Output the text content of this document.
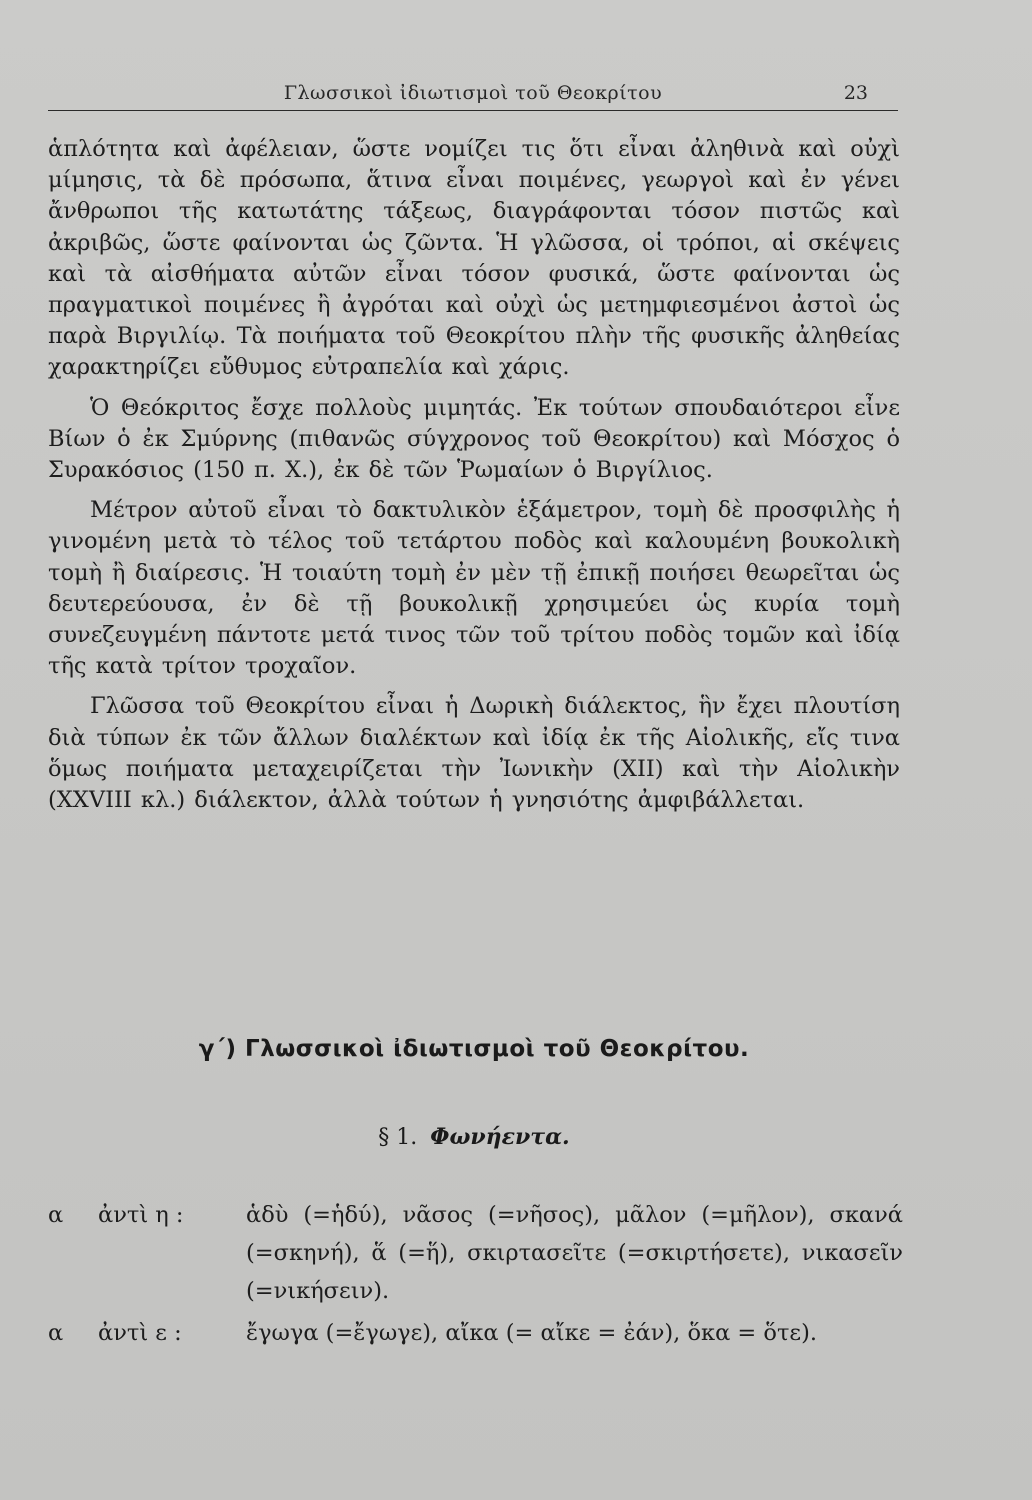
Γλωσσικοὶ ἰδιωτισμοὶ τοῦ Θεοκρίτου	23

ἁπλότητα καὶ ἀφέλειαν, ὥστε νομίζει τις ὅτι εἶναι ἀληθινὰ καὶ οὐχὶ μίμησις, τὰ δὲ πρόσωπα, ἅτινα εἶναι ποιμένες, γεωργοὶ καὶ ἐν γένει ἄνθρωποι τῆς κατωτάτης τάξεως, διαγράφονται τόσον πιστῶς καὶ ἀκριβῶς, ὥστε φαίνονται ὡς ζῶντα. Ἡ γλῶσσα, οἱ τρόποι, αἱ σκέψεις καὶ τὰ αἰσθήματα αὐτῶν εἶναι τόσον φυσικά, ὥστε φαίνονται ὡς πραγματικοὶ ποιμένες ἢ ἀγρόται καὶ οὐχὶ ὡς μετημφιεσμένοι ἀστοὶ ὡς παρὰ Βιργιλίῳ. Τὰ ποιήματα τοῦ Θεοκρίτου πλὴν τῆς φυσικῆς ἀληθείας χαρακτηρίζει εὔθυμος εὐτραπελία καὶ χάρις.

Ὁ Θεόκριτος ἔσχε πολλοὺς μιμητάς. Ἐκ τούτων σπουδαιότεροι εἶνε Βίων ὁ ἐκ Σμύρνης (πιθανῶς σύγχρονος τοῦ Θεοκρίτου) καὶ Μόσχος ὁ Συρακόσιος (150 π. Χ.), ἐκ δὲ τῶν Ῥωμαίων ὁ Βιργίλιος.

Μέτρον αὐτοῦ εἶναι τὸ δακτυλικὸν ἑξάμετρον, τομὴ δὲ προσφιλὴς ἡ γινομένη μετὰ τὸ τέλος τοῦ τετάρτου ποδὸς καὶ καλουμένη βουκολικὴ τομὴ ἢ διαίρεσις. Ἡ τοιαύτη τομὴ ἐν μὲν τῇ ἐπικῇ ποιήσει θεωρεῖται ὡς δευτερεύουσα, ἐν δὲ τῇ βουκολικῇ χρησιμεύει ὡς κυρία τομὴ συνεζευγμένη πάντοτε μετά τινος τῶν τοῦ τρίτου ποδὸς τομῶν καὶ ἰδίᾳ τῆς κατὰ τρίτον τροχαῖον.

Γλῶσσα τοῦ Θεοκρίτου εἶναι ἡ Δωρικὴ διάλεκτος, ἣν ἔχει πλουτίση διὰ τύπων ἐκ τῶν ἄλλων διαλέκτων καὶ ἰδίᾳ ἐκ τῆς Αἰολικῆς, εἴς τινα ὅμως ποιήματα μεταχειρίζεται τὴν Ἰωνικὴν (XII) καὶ τὴν Αἰολικὴν (XXVIII κλ.) διάλεκτον, ἀλλὰ τούτων ἡ γνησιότης ἀμφιβάλλεται.

γ΄) Γλωσσικοὶ ἰδιωτισμοὶ τοῦ Θεοκρίτου.
§ 1. Φωνήεντα.
α ἀντὶ η :	ἁδὺ (=ἡδύ), νᾶσος (=νῆσος), μᾶλον (=μῆλον), σκανά (=σκηνή), ἅ (=ἥ), σκιρτασεῖτε (=σκιρτήσετε), νικασεῖν (=νικήσειν).
α ἀντὶ ε :	ἔγωγα (=ἔγωγε), αἴκα (= αἴκε = ἐάν), ὅκα = ὅτε).
